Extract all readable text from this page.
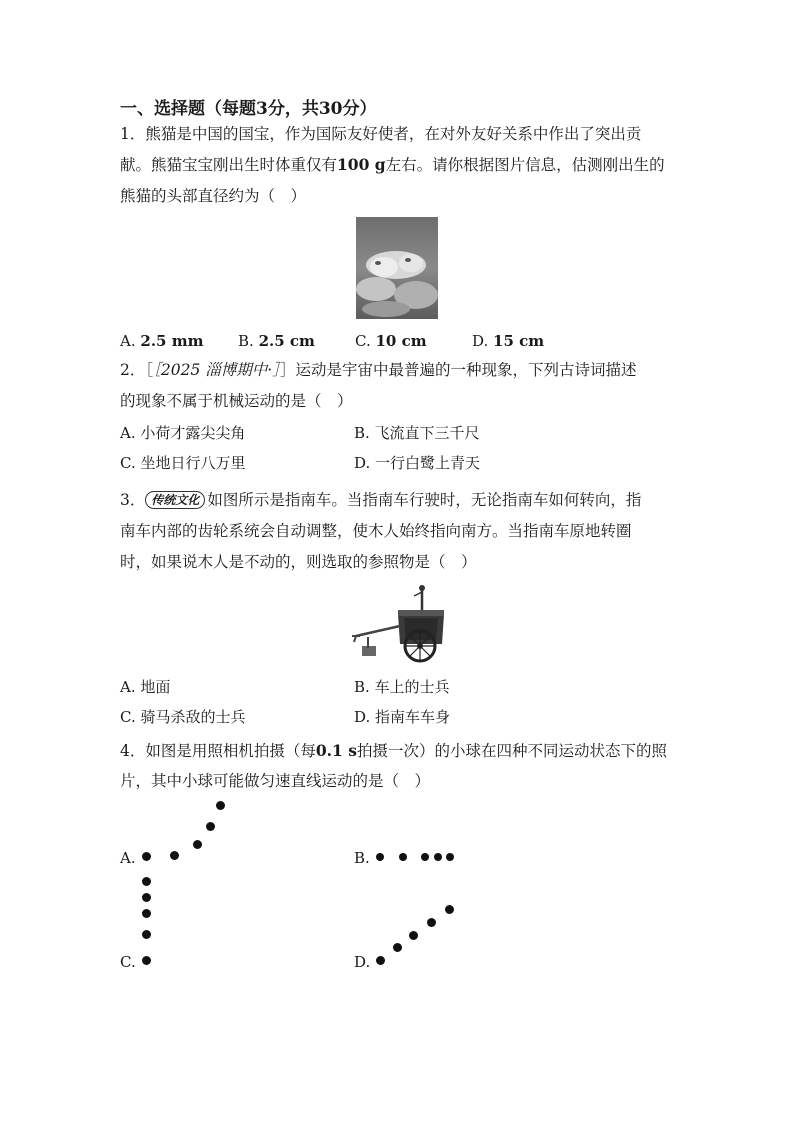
一、选择题（每题3分，共30分）
1．熊猫是中国的国宝，作为国际友好使者，在对外友好关系中作出了突出贡
献。熊猫宝宝刚出生时体重仅有100 g左右。请你根据图片信息，估测刚出生的
熊猫的头部直径约为（　）
A. 2.5 mm B. 2.5 cm	C. 10 cm	D. 15 cm
2．［［2025 淄博期中·］］运动是宇宙中最普遍的一种现象，下列古诗词描述
的现象不属于机械运动的是（　）
A. 小荷才露尖尖角	B. 飞流直下三千尺
C. 坐地日行八万里	D. 一行白鹭上青天
3． 传统文化 如图所示是指南车。当指南车行驶时，无论指南车如何转向，指
南车内部的齿轮系统会自动调整，使木人始终指向南方。当指南车原地转圈
时，如果说木人是不动的，则选取的参照物是（　）
A. 地面	B. 车上的士兵
C. 骑马杀敌的士兵	D. 指南车车身
4．如图是用照相机拍摄（每0.1 s拍摄一次）的小球在四种不同运动状态下的照
片，其中小球可能做匀速直线运动的是（　）
A.	B.
C.	D.
